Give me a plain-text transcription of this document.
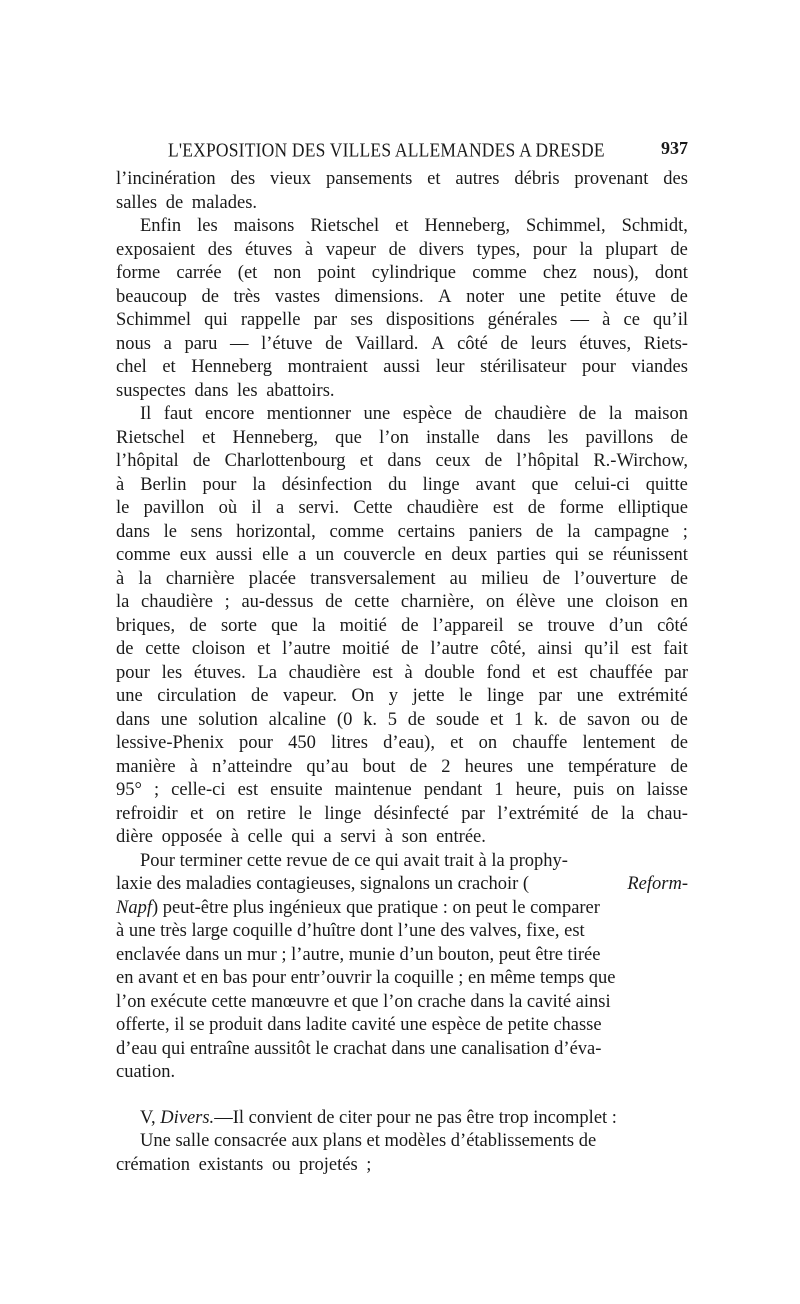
L'EXPOSITION DES VILLES ALLEMANDES A DRESDE	937
l’incinération des vieux pansements et autres débris provenant des
salles de malades.
Enfin les maisons Rietschel et Henneberg, Schimmel, Schmidt,
exposaient des étuves à vapeur de divers types, pour la plupart de
forme carrée (et non point cylindrique comme chez nous), dont
beaucoup de très vastes dimensions. A noter une petite étuve de
Schimmel qui rappelle par ses dispositions générales — à ce qu’il
nous a paru — l’étuve de Vaillard. A côté de leurs étuves, Riets-
chel et Henneberg montraient aussi leur stérilisateur pour viandes
suspectes dans les abattoirs.
Il faut encore mentionner une espèce de chaudière de la maison
Rietschel et Henneberg, que l’on installe dans les pavillons de
l’hôpital de Charlottenbourg et dans ceux de l’hôpital R.-Wirchow,
à Berlin pour la désinfection du linge avant que celui-ci quitte
le pavillon où il a servi. Cette chaudière est de forme elliptique
dans le sens horizontal, comme certains paniers de la campagne ;
comme eux aussi elle a un couvercle en deux parties qui se réunissent
à la charnière placée transversalement au milieu de l’ouverture de
la chaudière ; au-dessus de cette charnière, on élève une cloison en
briques, de sorte que la moitié de l’appareil se trouve d’un côté
de cette cloison et l’autre moitié de l’autre côté, ainsi qu’il est fait
pour les étuves. La chaudière est à double fond et est chauffée par
une circulation de vapeur. On y jette le linge par une extrémité
dans une solution alcaline (0 k. 5 de soude et 1 k. de savon ou de
lessive-Phenix pour 450 litres d’eau), et on chauffe lentement de
manière à n’atteindre qu’au bout de 2 heures une température de
95° ; celle-ci est ensuite maintenue pendant 1 heure, puis on laisse
refroidir et on retire le linge désinfecté par l’extrémité de la chau-
dière opposée à celle qui a servi à son entrée.
Pour terminer cette revue de ce qui avait trait à la prophy-
laxie des maladies contagieuses, signalons un crachoir (	Reform-
Napf) peut-être plus ingénieux que pratique : on peut le comparer
à une très large coquille d’huître dont l’une des valves, fixe, est
enclavée dans un mur ; l’autre, munie d’un bouton, peut être tirée
en avant et en bas pour entr’ouvrir la coquille ; en même temps que
l’on exécute cette manœuvre et que l’on crache dans la cavité ainsi
offerte, il se produit dans ladite cavité une espèce de petite chasse
d’eau qui entraîne aussitôt le crachat dans une canalisation d’éva-
cuation.
V, Divers.—Il convient de citer pour ne pas être trop incomplet :
Une salle consacrée aux plans et modèles d’établissements de
crémation existants ou projetés ;
